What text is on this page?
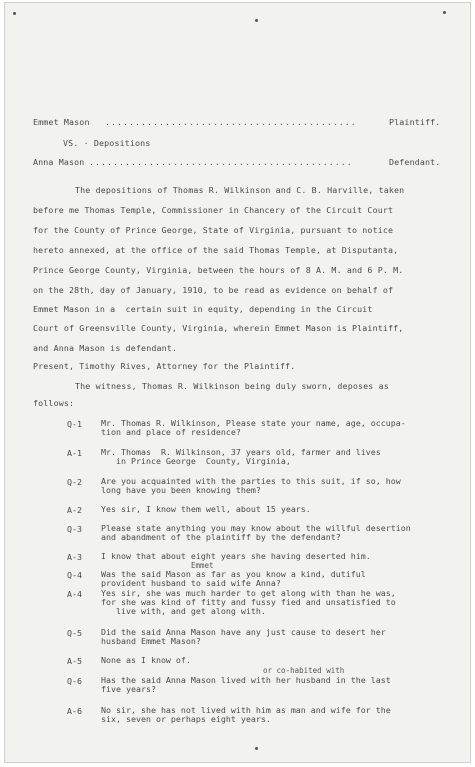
Emmet Mason ..........................................	Plaintiff.
VS. · Depositions
Anna Mason ............................................	Defendant.
The depositions of Thomas R. Wilkinson and C. B. Harville, taken
before me Thomas Temple, Commissioner in Chancery of the Circuit Court
for the County of Prince George, State of Virginia, pursuant to notice
hereto annexed, at the office of the said Thomas Temple, at Disputanta,
Prince George County, Virginia, between the hours of 8 A. M. and 6 P. M.
on the 28th, day of January, 1910, to be read as evidence on behalf of
Emmet Mason in a  certain suit in equity, depending in the Circuit
Court of Greensville County, Virginia, wherein Emmet Mason is Plaintiff,
and Anna Mason is defendant.
Present, Timothy Rives, Attorney for the Plaintiff.
The witness, Thomas R. Wilkinson being duly sworn, deposes as
follows:
Q-1 Mr. Thomas R. Wilkinson, Please state your name, age, occupa-
tion and place of residence?
A-1 Mr. Thomas  R. Wilkinson, 37 years old, farmer and lives
in Prince George  County, Virginia,
Q-2 Are you acquainted with the parties to this suit, if so, how
long have you been knowing them?
A-2 Yes sir, I know them well, about 15 years.
Q-3 Please state anything you may know about the willful desertion
and abandment of the plaintiff by the defendant?
A-3 I know that about eight years she having deserted him.
Emmet
Q-4 Was the said Mason as far as you know a kind, dutiful
provident husband to said wife Anna?
A-4 Yes sir, she was much harder to get along with than he was,
for she was kind of fitty and fussy fied and unsatisfied to
live with, and get along with.
Q-5 Did the said Anna Mason have any just cause to desert her
husband Emmet Mason?
A-5 None as I know of.
or co-habited with
Q-6 Has the said Anna Mason lived with her husband in the last
five years?
A-6 No sir, she has not lived with him as man and wife for the
six, seven or perhaps eight years.
